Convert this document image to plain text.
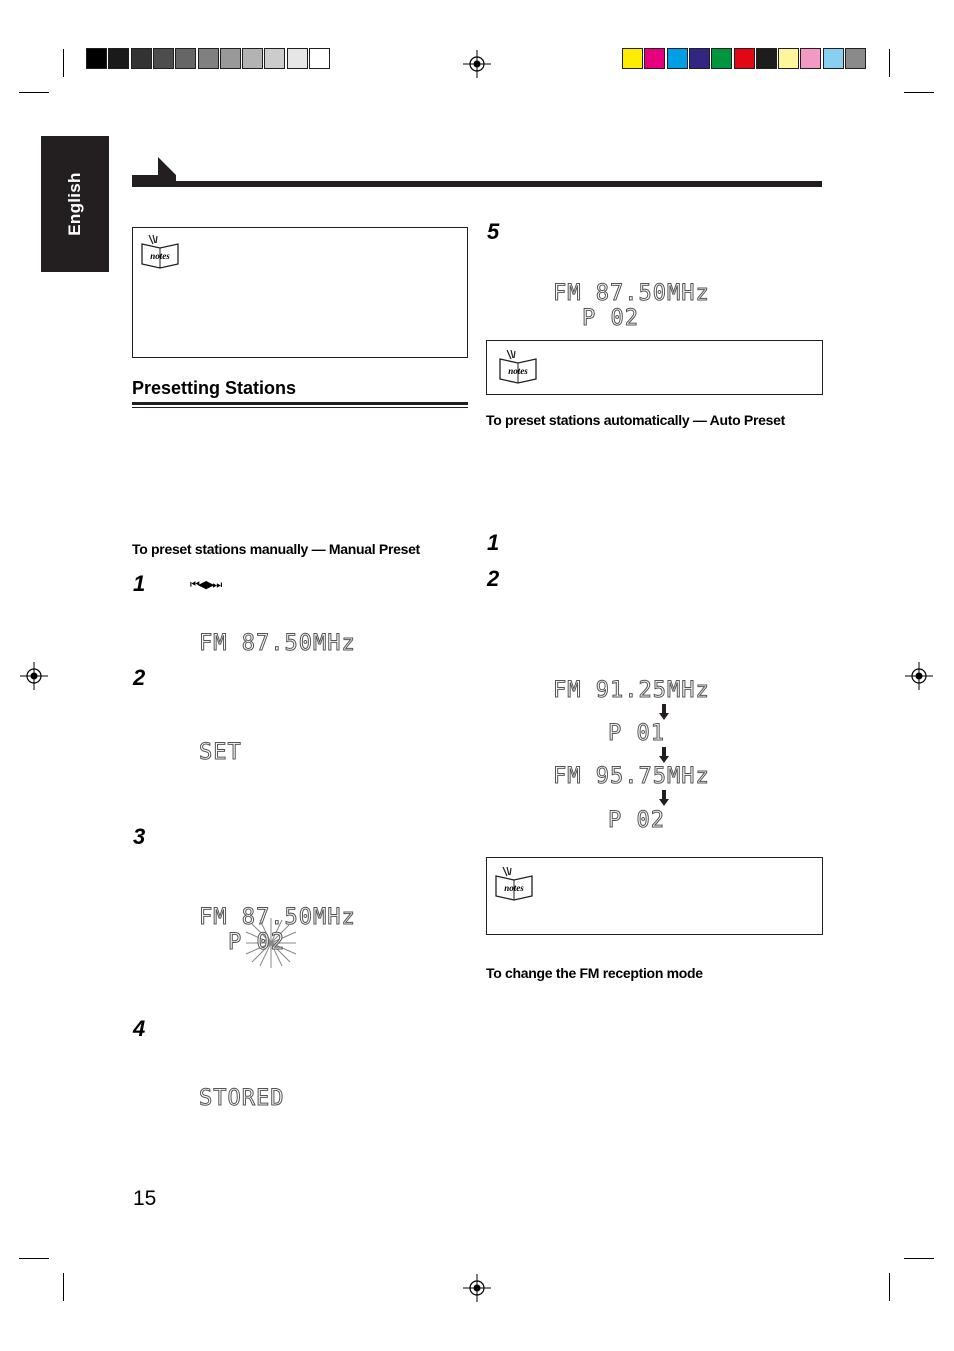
English
notes
Presetting Stations
To preset stations manually — Manual Preset
1	⏮◀ ▶⏭
FM 87.50MHz
2
SET
3
FM 87.50MHz
P 02
4
STORED
5
FM 87.50MHz
P 02
notes
To preset stations automatically — Auto Preset
1
2
FM 91.25MHz
P 01
FM 95.75MHz
P 02
notes
To change the FM reception mode
15
